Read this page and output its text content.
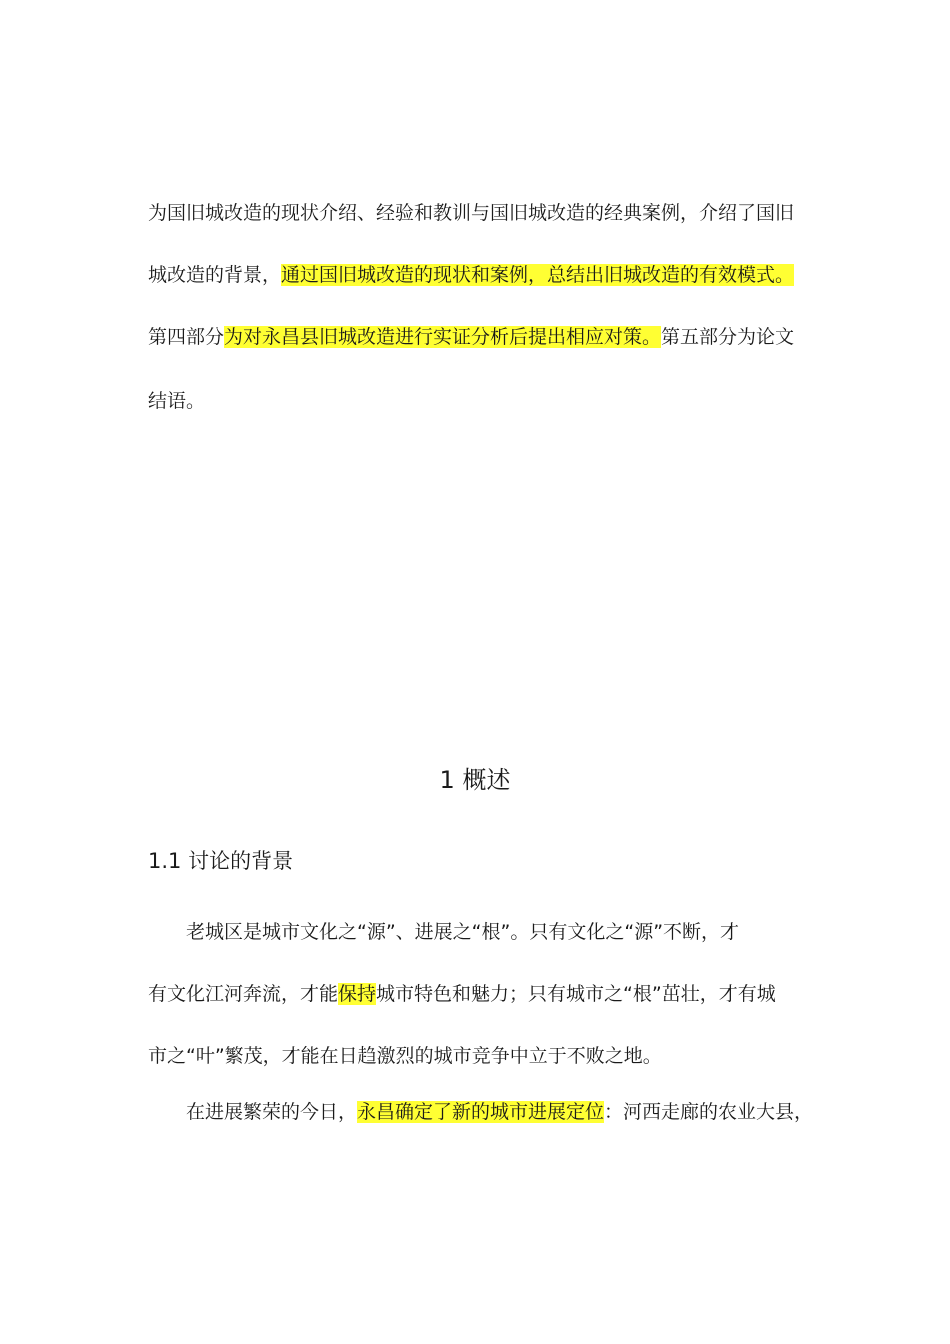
为国旧城改造的现状介绍、经验和教训与国旧城改造的经典案例，介绍了国旧
城改造的背景，通过国旧城改造的现状和案例，总结出旧城改造的有效模式。
第四部分为对永昌县旧城改造进行实证分析后提出相应对策。第五部分为论文
结语。
1 概述
1.1 讨论的背景
老城区是城市文化之“源”、进展之“根”。只有文化之“源”不断，才
有文化江河奔流，才能保持城市特色和魅力；只有城市之“根”茁壮，才有城
市之“叶”繁茂，才能在日趋激烈的城市竞争中立于不败之地。
在进展繁荣的今日，永昌确定了新的城市进展定位：河西走廊的农业大县，
